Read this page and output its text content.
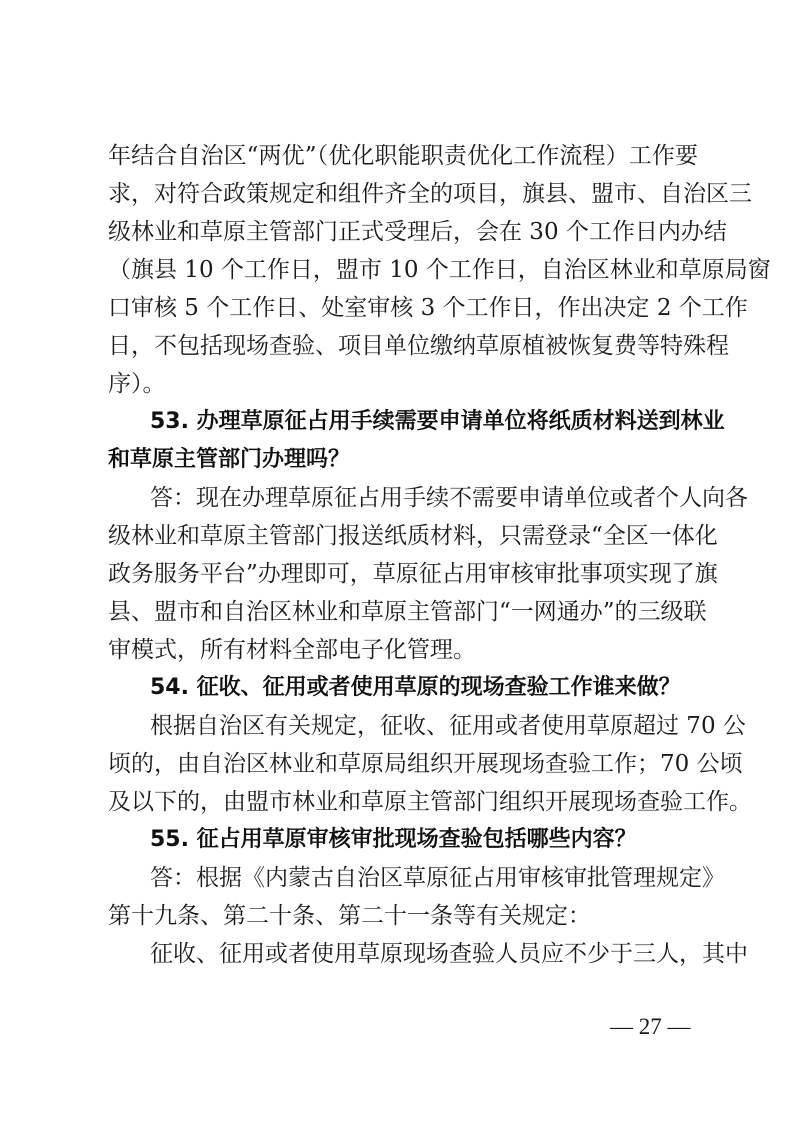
年结合自治区“两优”（优化职能职责优化工作流程）工作要
求，对符合政策规定和组件齐全的项目，旗县、盟市、自治区三
级林业和草原主管部门正式受理后，会在 30 个工作日内办结
（旗县 10 个工作日，盟市 10 个工作日，自治区林业和草原局窗
口审核 5 个工作日、处室审核 3 个工作日，作出决定 2 个工作
日，不包括现场查验、项目单位缴纳草原植被恢复费等特殊程
序）。
53. 办理草原征占用手续需要申请单位将纸质材料送到林业
和草原主管部门办理吗？
答：现在办理草原征占用手续不需要申请单位或者个人向各
级林业和草原主管部门报送纸质材料，只需登录“全区一体化
政务服务平台”办理即可，草原征占用审核审批事项实现了旗
县、盟市和自治区林业和草原主管部门“一网通办”的三级联
审模式，所有材料全部电子化管理。
54. 征收、征用或者使用草原的现场查验工作谁来做？
根据自治区有关规定，征收、征用或者使用草原超过 70 公
顷的，由自治区林业和草原局组织开展现场查验工作；70 公顷
及以下的，由盟市林业和草原主管部门组织开展现场查验工作。
55. 征占用草原审核审批现场查验包括哪些内容？
答：根据《内蒙古自治区草原征占用审核审批管理规定》
第十九条、第二十条、第二十一条等有关规定：
征收、征用或者使用草原现场查验人员应不少于三人，其中
— 27 —
